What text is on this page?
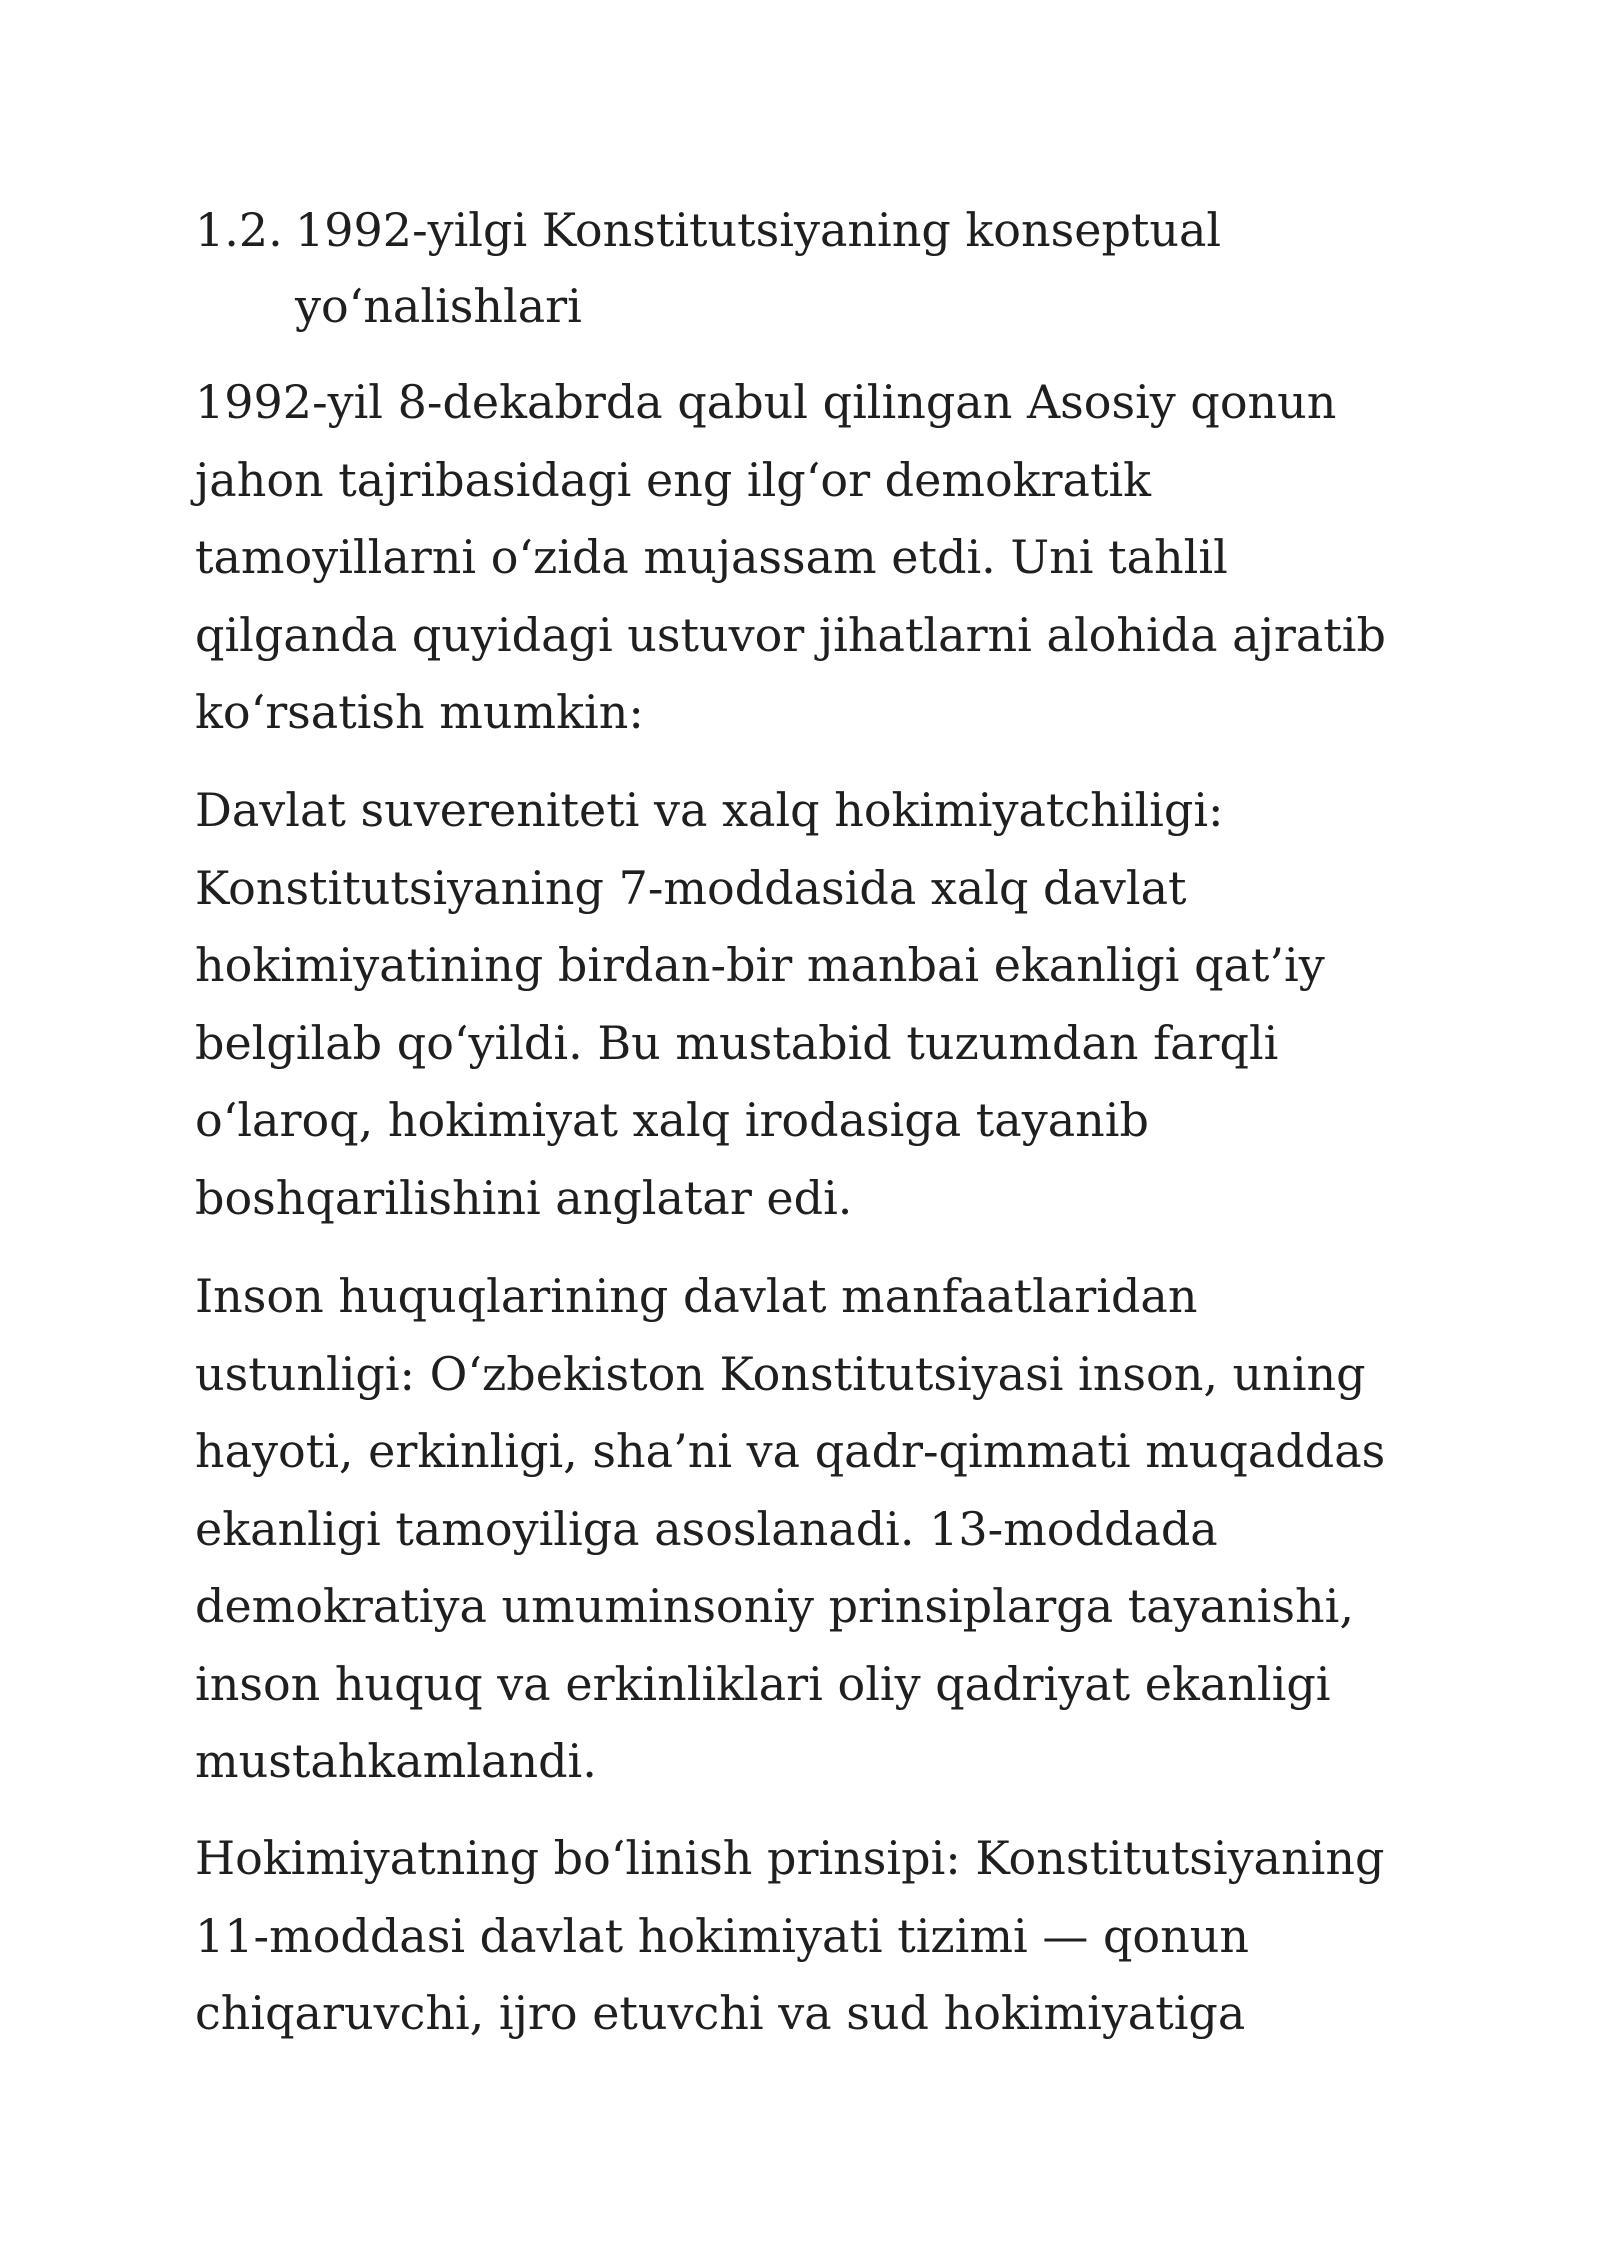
1.2. 1992-yilgi Konstitutsiyaning konseptual
yo‘nalishlari
1992-yil 8-dekabrda qabul qilingan Asosiy qonun
jahon tajribasidagi eng ilg‘or demokratik
tamoyillarni o‘zida mujassam etdi. Uni tahlil
qilganda quyidagi ustuvor jihatlarni alohida ajratib
ko‘rsatish mumkin:
Davlat suvereniteti va xalq hokimiyatchiligi:
Konstitutsiyaning 7-moddasida xalq davlat
hokimiyatining birdan-bir manbai ekanligi qat’iy
belgilab qo‘yildi. Bu mustabid tuzumdan farqli
o‘laroq, hokimiyat xalq irodasiga tayanib
boshqarilishini anglatar edi.
Inson huquqlarining davlat manfaatlaridan
ustunligi: O‘zbekiston Konstitutsiyasi inson, uning
hayoti, erkinligi, sha’ni va qadr-qimmati muqaddas
ekanligi tamoyiliga asoslanadi. 13-moddada
demokratiya umuminsoniy prinsiplarga tayanishi,
inson huquq va erkinliklari oliy qadriyat ekanligi
mustahkamlandi.
Hokimiyatning bo‘linish prinsipi: Konstitutsiyaning
11-moddasi davlat hokimiyati tizimi — qonun
chiqaruvchi, ijro etuvchi va sud hokimiyatiga
